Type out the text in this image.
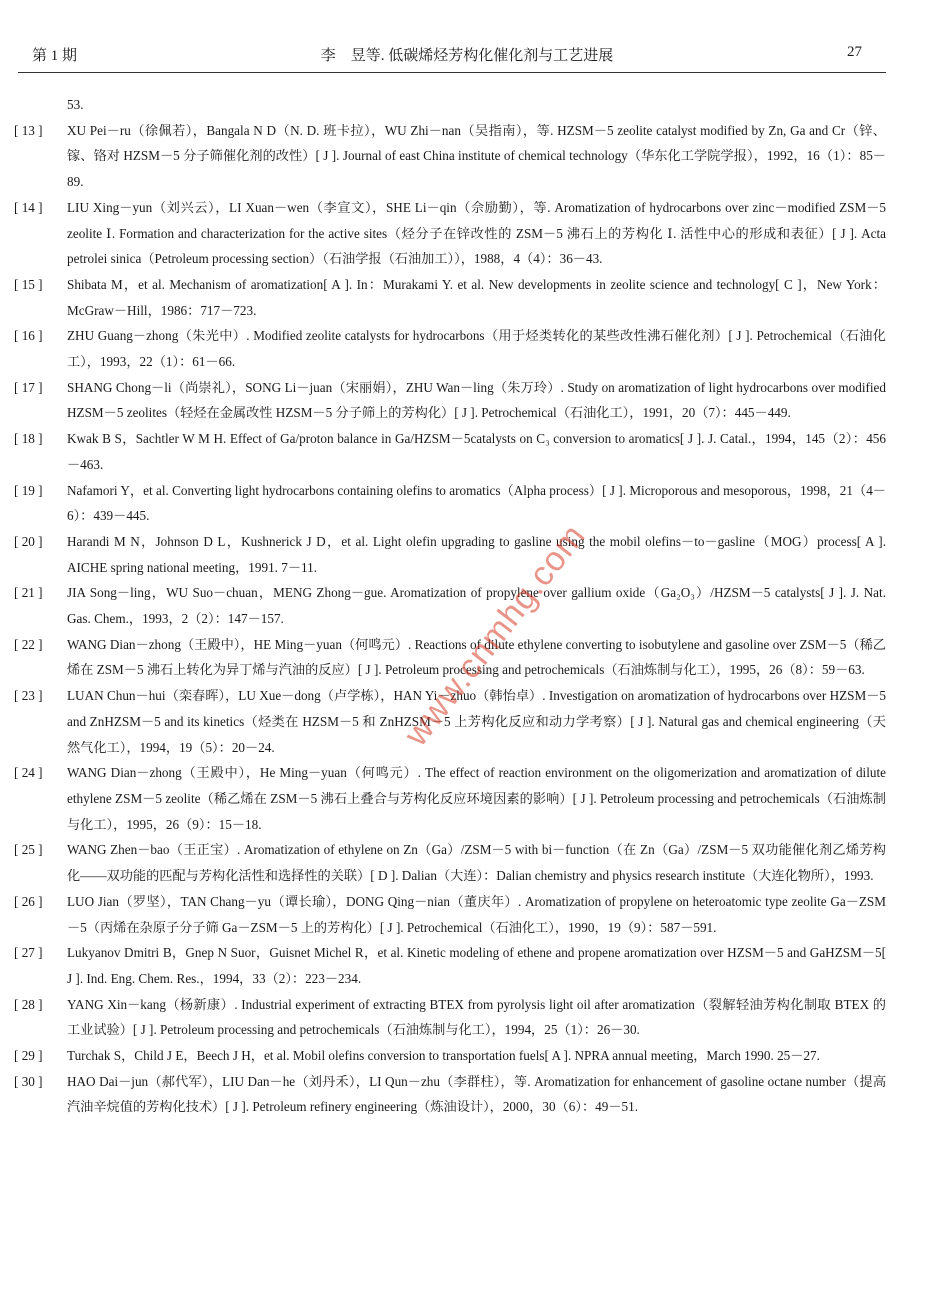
第 1 期	李　昱等. 低碳烯烃芳构化催化剂与工艺进展	27
53.
[ 13 ] XU Pei－ru（徐佩若），Bangala N D（N. D. 班卡拉），WU Zhi－nan（吴指南），等. HZSM－5 zeolite catalyst modified by Zn, Ga and Cr（锌、镓、铬对 HZSM－5 分子筛催化剂的改性）[ J ]. Journal of east China institute of chemical technology（华东化工学院学报），1992，16（1）：85－89.
[ 14 ] LIU Xing－yun（刘兴云），LI Xuan－wen（李宣文），SHE Li－qin（佘励勤），等. Aromatization of hydrocarbons over zinc－modified ZSM－5 zeolite Ⅰ. Formation and characterization for the active sites（烃分子在锌改性的 ZSM－5 沸石上的芳构化 Ⅰ. 活性中心的形成和表征）[ J ]. Acta petrolei sinica（Petroleum processing section）（石油学报（石油加工）），1988，4（4）：36－43.
[ 15 ] Shibata M，et al. Mechanism of aromatization[ A ]. In：Murakami Y. et al. New developments in zeolite science and technology[ C ]，New York：McGraw－Hill，1986：717－723.
[ 16 ] ZHU Guang－zhong（朱光中）. Modified zeolite catalysts for hydrocarbons（用于烃类转化的某些改性沸石催化剂）[ J ]. Petrochemical（石油化工），1993，22（1）：61－66.
[ 17 ] SHANG Chong－li（尚崇礼），SONG Li－juan（宋丽娟），ZHU Wan－ling（朱万玲）. Study on aromatization of light hydrocarbons over modified HZSM－5 zeolites（轻烃在金属改性 HZSM－5 分子筛上的芳构化）[ J ]. Petrochemical（石油化工），1991，20（7）：445－449.
[ 18 ] Kwak B S，Sachtler W M H. Effect of Ga/proton balance in Ga/HZSM－5catalysts on C₃ conversion to aromatics[ J ]. J. Catal.，1994，145（2）：456－463.
[ 19 ] Nafamori Y，et al. Converting light hydrocarbons containing olefins to aromatics（Alpha process）[ J ]. Microporous and mesoporous，1998，21（4－6）：439－445.
[ 20 ] Harandi M N，Johnson D L，Kushnerick J D，et al. Light olefin upgrading to gasline using the mobil olefins－to－gasline（MOG）process[ A ]. AICHE spring national meeting，1991. 7－11.
[ 21 ] JIA Song－ling，WU Suo－chuan，MENG Zhong－gue. Aromatization of propylene over gallium oxide（Ga₂O₃）/HZSM－5 catalysts[ J ]. J. Nat. Gas. Chem.，1993，2（2）：147－157.
[ 22 ] WANG Dian－zhong（王殿中），HE Ming－yuan（何鸣元）. Reactions of dilute ethylene converting to isobutylene and gasoline over ZSM－5（稀乙烯在 ZSM－5 沸石上转化为异丁烯与汽油的反应）[ J ]. Petroleum processing and petrochemicals（石油炼制与化工），1995，26（8）：59－63.
[ 23 ] LUAN Chun－hui（栾春晖），LU Xue－dong（卢学栋），HAN Yi－zhuo（韩怡卓）. Investigation on aromatization of hydrocarbons over HZSM－5 and ZnHZSM－5 and its kinetics（烃类在 HZSM－5 和 ZnHZSM－5 上芳构化反应和动力学考察）[ J ]. Natural gas and chemical engineering（天然气化工），1994，19（5）：20－24.
[ 24 ] WANG Dian－zhong（王殿中），He Ming－yuan（何鸣元）. The effect of reaction environment on the oligomerization and aromatization of dilute ethylene ZSM－5 zeolite（稀乙烯在 ZSM－5 沸石上叠合与芳构化反应环境因素的影响）[ J ]. Petroleum processing and petrochemicals（石油炼制与化工），1995，26（9）：15－18.
[ 25 ] WANG Zhen－bao（王正宝）. Aromatization of ethylene on Zn（Ga）/ZSM－5 with bi－function（在 Zn（Ga）/ZSM－5 双功能催化剂乙烯芳构化——双功能的匹配与芳构化活性和选择性的关联）[ D ]. Dalian（大连）：Dalian chemistry and physics research institute（大连化物所），1993.
[ 26 ] LUO Jian（罗坚），TAN Chang－yu（谭长瑜），DONG Qing－nian（董庆年）. Aromatization of propylene on heteroatomic type zeolite Ga－ZSM－5（丙烯在杂原子分子筛 Ga－ZSM－5 上的芳构化）[ J ]. Petrochemical（石油化工），1990，19（9）：587－591.
[ 27 ] Lukyanov Dmitri B，Gnep N Suor，Guisnet Michel R，et al. Kinetic modeling of ethene and propene aromatization over HZSM－5 and GaHZSM－5[ J ]. Ind. Eng. Chem. Res.，1994，33（2）：223－234.
[ 28 ] YANG Xin－kang（杨新康）. Industrial experiment of extracting BTEX from pyrolysis light oil after aromatization（裂解轻油芳构化制取 BTEX 的工业试验）[ J ]. Petroleum processing and petrochemicals（石油炼制与化工），1994，25（1）：26－30.
[ 29 ] Turchak S，Child J E，Beech J H，et al. Mobil olefins conversion to transportation fuels[ A ]. NPRA annual meeting，March 1990. 25－27.
[ 30 ] HAO Dai－jun（郝代军），LIU Dan－he（刘丹禾），LI Qun－zhu（李群柱），等. Aromatization for enhancement of gasoline octane number（提高汽油辛烷值的芳构化技术）[ J ]. Petroleum refinery engineering（炼油设计），2000，30（6）：49－51.
www.cnmhg.com
